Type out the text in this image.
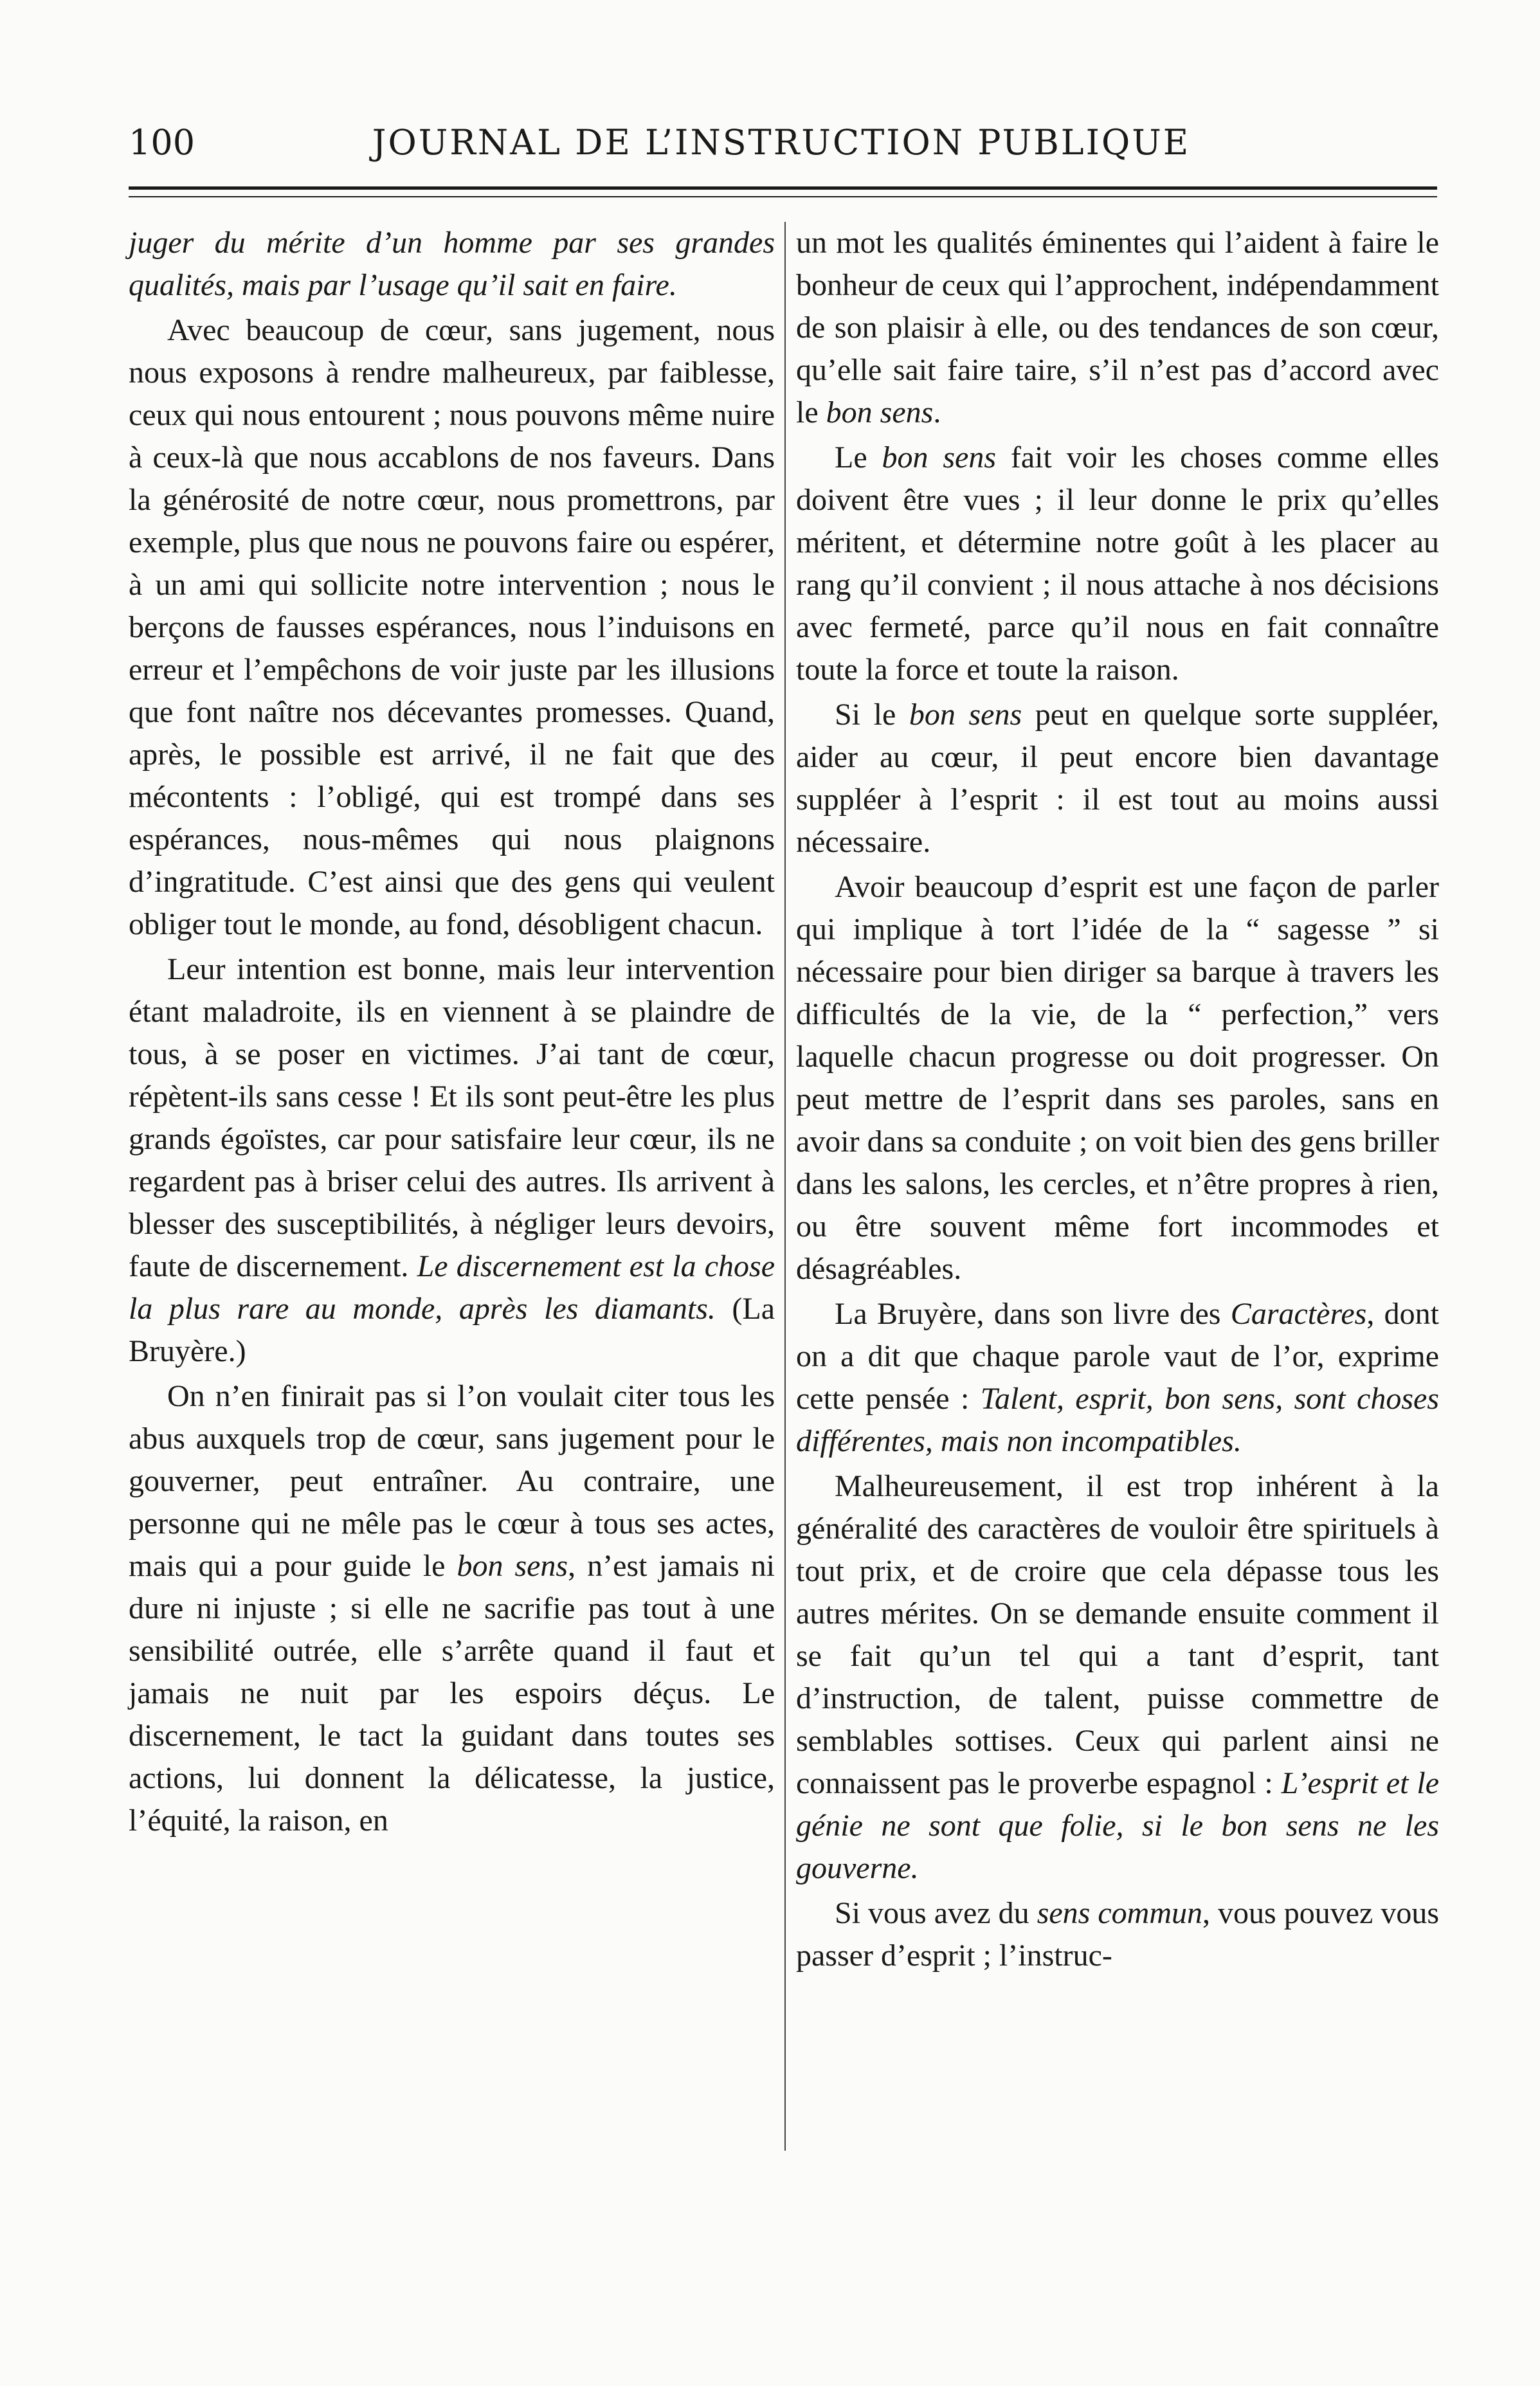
100	JOURNAL DE L’INSTRUCTION PUBLIQUE

juger du mérite d’un homme par ses grandes qualités, mais par l’usage qu’il sait en faire.

Avec beaucoup de cœur, sans jugement, nous nous exposons à rendre malheureux, par faiblesse, ceux qui nous entourent ; nous pouvons même nuire à ceux-là que nous accablons de nos faveurs. Dans la générosité de notre cœur, nous promettrons, par exemple, plus que nous ne pouvons faire ou espérer, à un ami qui sollicite notre intervention ; nous le berçons de fausses espérances, nous l’induisons en erreur et l’empêchons de voir juste par les illusions que font naître nos décevantes promesses. Quand, après, le possible est arrivé, il ne fait que des mécontents : l’obligé, qui est trompé dans ses espérances, nous-mêmes qui nous plaignons d’ingratitude. C’est ainsi que des gens qui veulent obliger tout le monde, au fond, désobligent chacun.

Leur intention est bonne, mais leur intervention étant maladroite, ils en viennent à se plaindre de tous, à se poser en victimes. J’ai tant de cœur, répètent-ils sans cesse ! Et ils sont peut-être les plus grands égoïstes, car pour satisfaire leur cœur, ils ne regardent pas à briser celui des autres. Ils arrivent à blesser des susceptibilités, à négliger leurs devoirs, faute de discernement. Le discernement est la chose la plus rare au monde, après les diamants. (La Bruyère.)

On n’en finirait pas si l’on voulait citer tous les abus auxquels trop de cœur, sans jugement pour le gouverner, peut entraîner. Au contraire, une personne qui ne mêle pas le cœur à tous ses actes, mais qui a pour guide le bon sens, n’est jamais ni dure ni injuste ; si elle ne sacrifie pas tout à une sensibilité outrée, elle s’arrête quand il faut et jamais ne nuit par les espoirs déçus. Le discernement, le tact la guidant dans toutes ses actions, lui donnent la délicatesse, la justice, l’équité, la raison, en

un mot les qualités éminentes qui l’aident à faire le bonheur de ceux qui l’approchent, indépendamment de son plaisir à elle, ou des tendances de son cœur, qu’elle sait faire taire, s’il n’est pas d’accord avec le bon sens.

Le bon sens fait voir les choses comme elles doivent être vues ; il leur donne le prix qu’elles méritent, et détermine notre goût à les placer au rang qu’il convient ; il nous attache à nos décisions avec fermeté, parce qu’il nous en fait connaître toute la force et toute la raison.

Si le bon sens peut en quelque sorte suppléer, aider au cœur, il peut encore bien davantage suppléer à l’esprit : il est tout au moins aussi nécessaire.

Avoir beaucoup d’esprit est une façon de parler qui implique à tort l’idée de la “ sagesse ” si nécessaire pour bien diriger sa barque à travers les difficultés de la vie, de la “ perfection,” vers laquelle chacun progresse ou doit progresser. On peut mettre de l’esprit dans ses paroles, sans en avoir dans sa conduite ; on voit bien des gens briller dans les salons, les cercles, et n’être propres à rien, ou être souvent même fort incommodes et désagréables.

La Bruyère, dans son livre des Caractères, dont on a dit que chaque parole vaut de l’or, exprime cette pensée : Talent, esprit, bon sens, sont choses différentes, mais non incompatibles.

Malheureusement, il est trop inhérent à la généralité des caractères de vouloir être spirituels à tout prix, et de croire que cela dépasse tous les autres mérites. On se demande ensuite comment il se fait qu’un tel qui a tant d’esprit, tant d’instruction, de talent, puisse commettre de semblables sottises. Ceux qui parlent ainsi ne connaissent pas le proverbe espagnol : L’esprit et le génie ne sont que folie, si le bon sens ne les gouverne.

Si vous avez du sens commun, vous pouvez vous passer d’esprit ; l’instruc-
